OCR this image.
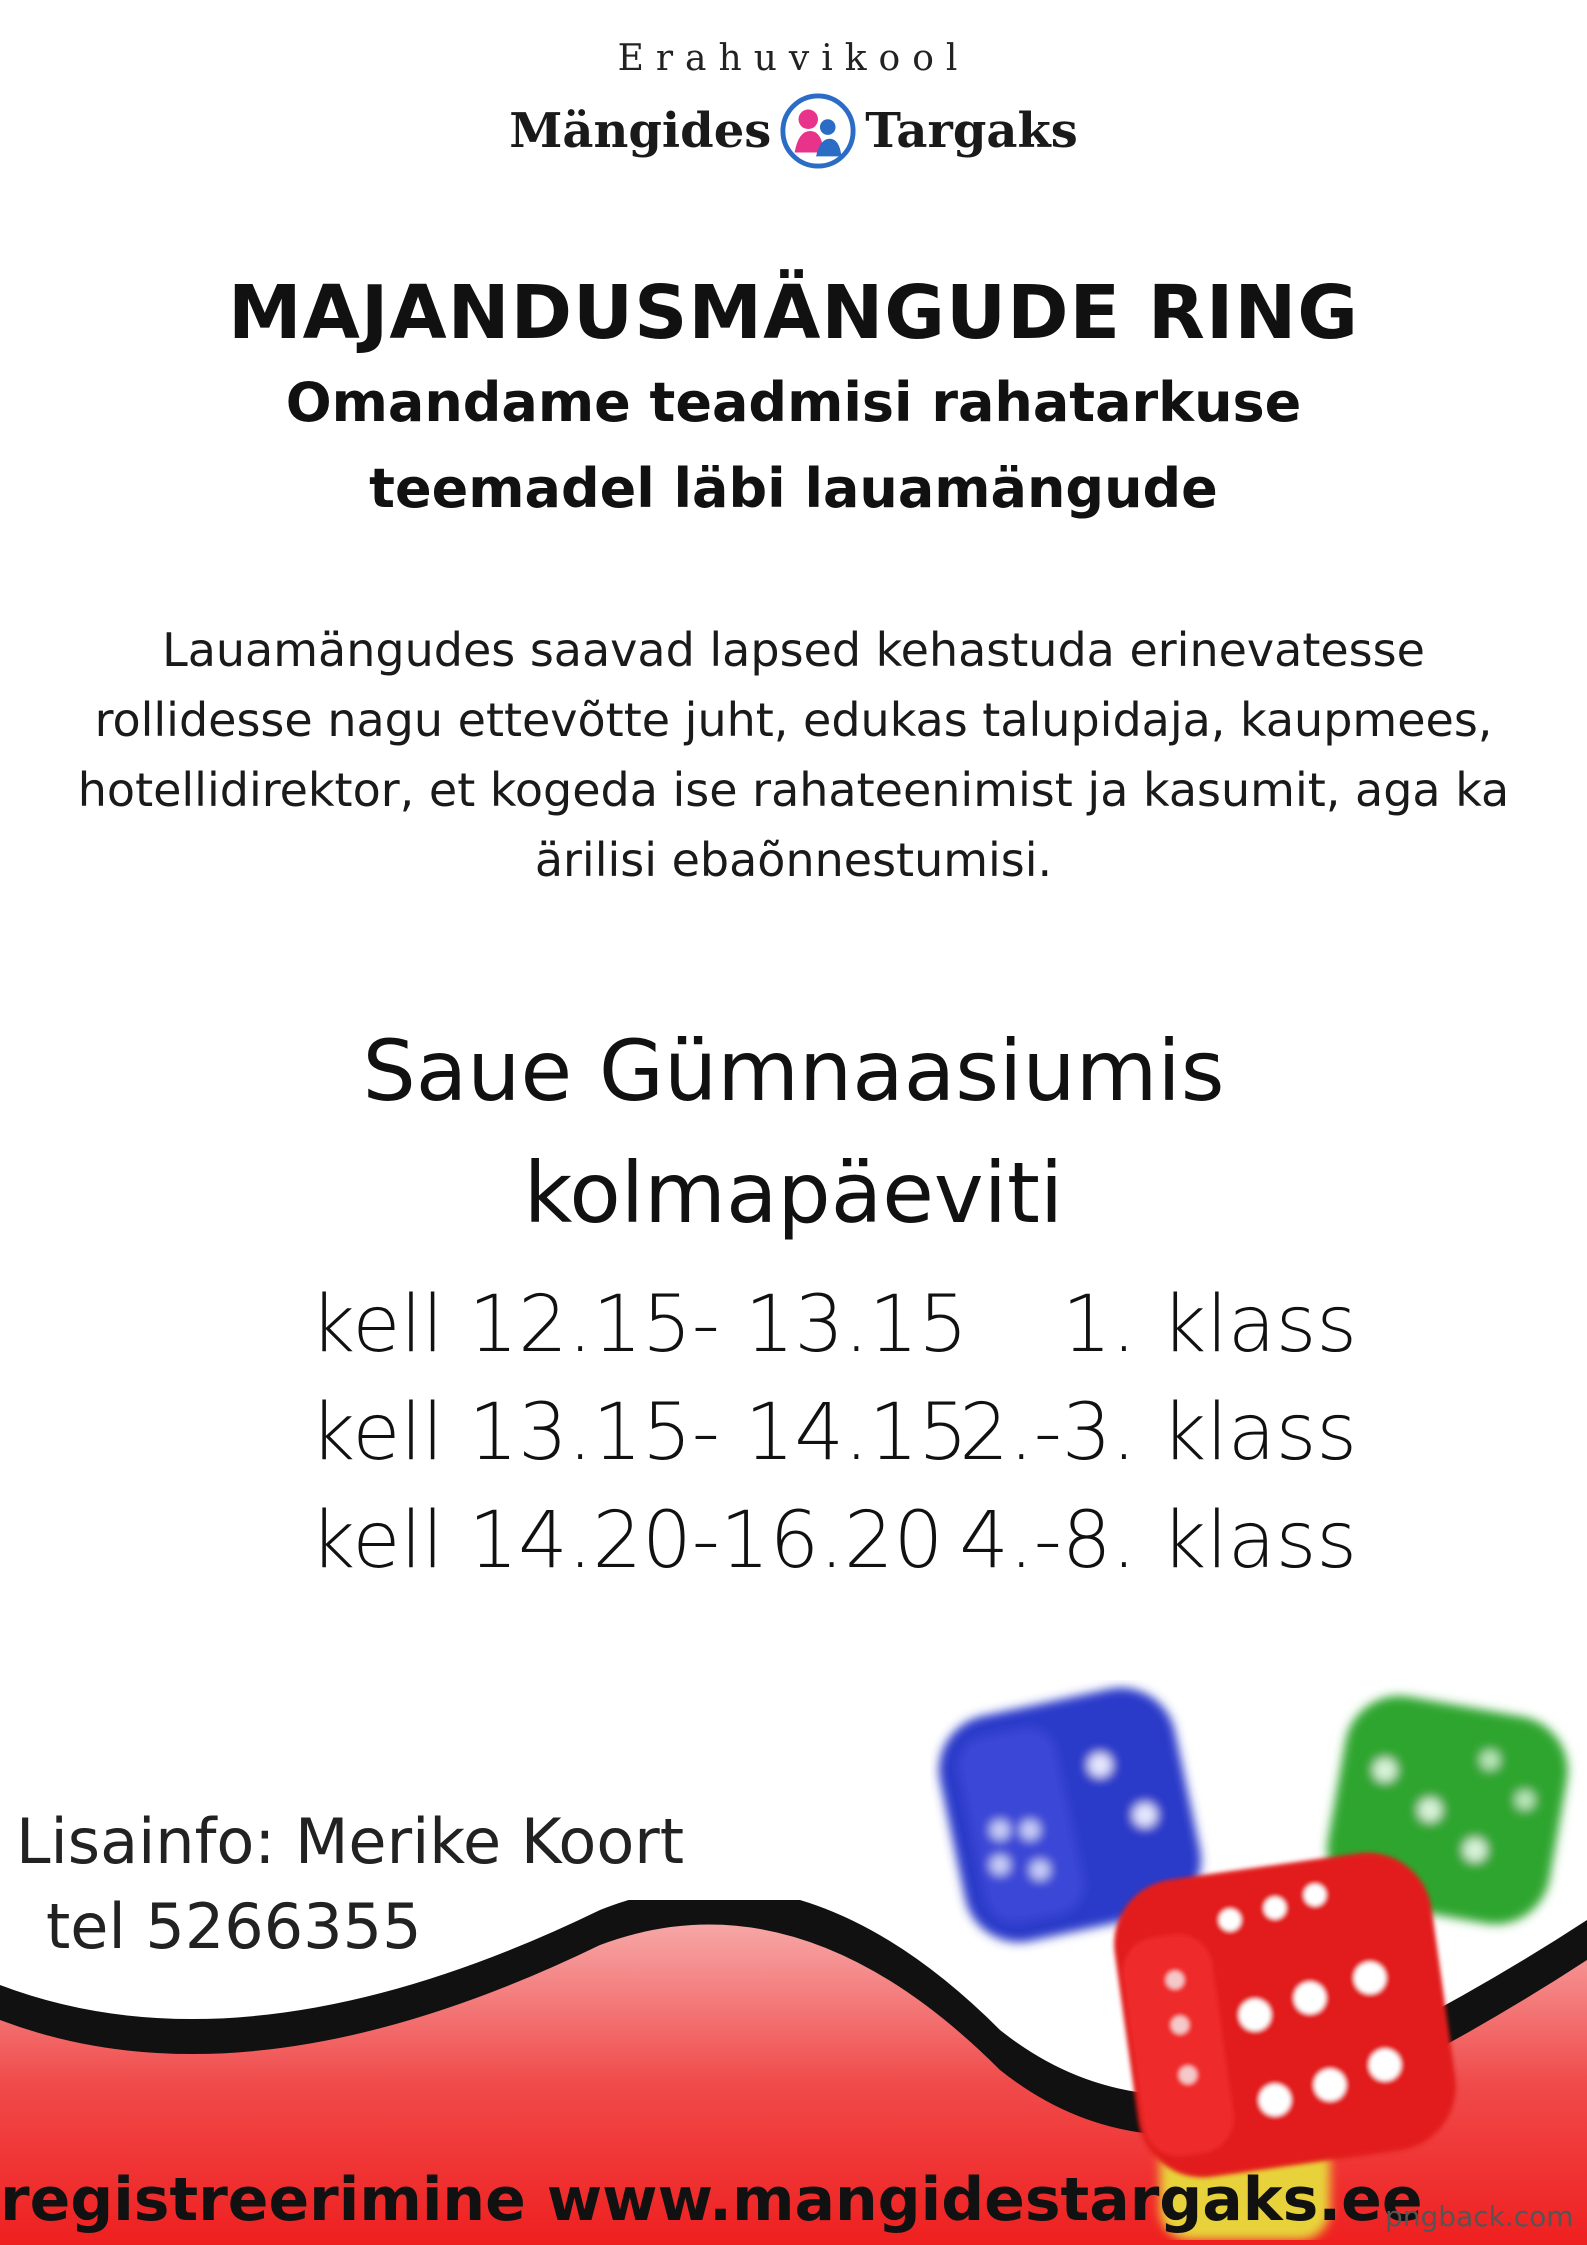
Erahuvikool
Mängides Targaks
MAJANDUSMÄNGUDE RING
Omandame teadmisi rahatarkuse
teemadel läbi lauamängude
Lauamängudes saavad lapsed kehastuda erinevatesse
rollidesse nagu ettevõtte juht, edukas talupidaja, kaupmees,
hotellidirektor, et kogeda ise rahateenimist ja kasumit, aga ka
ärilisi ebaõnnestumisi.
Saue Gümnaasiumis
kolmapäeviti
kell 12.15- 13.15	1. klass
kell 13.15- 14.15
2.-3. klass
kell 14.20-16.20 4.-8. klass
Lisainfo: Merike Koort
tel 5266355
registreerimine www.mangidestargaks.ee
pngback.com
